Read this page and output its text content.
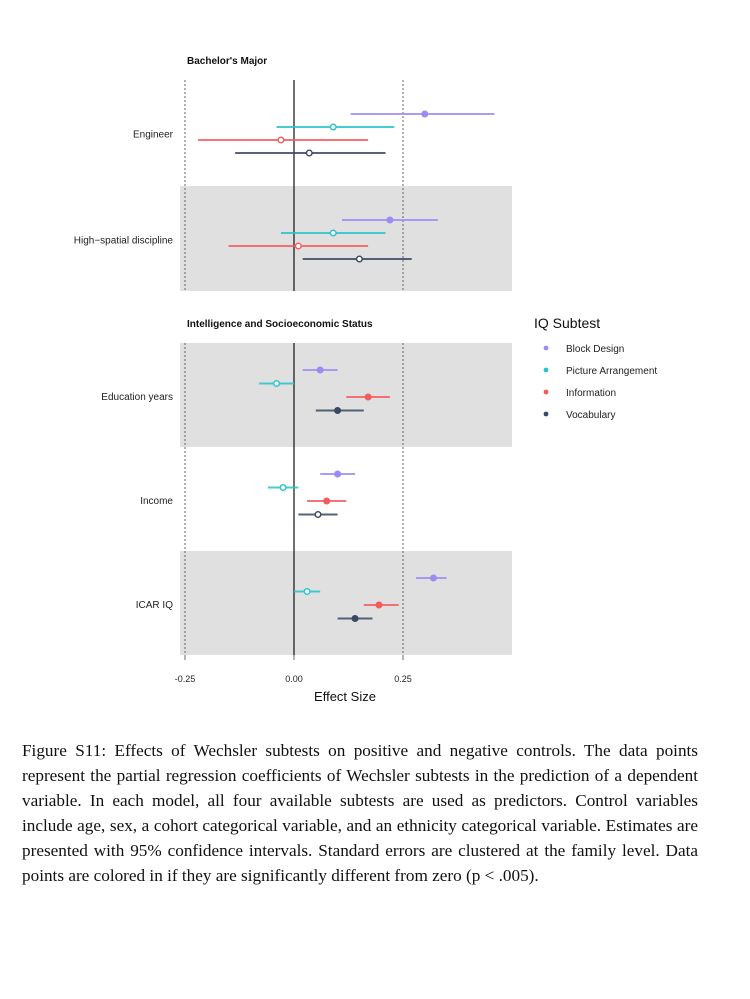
Bachelor's Major
Engineer
High−spatial discipline
Intelligence and Socioeconomic Status
Education years
Income
ICAR IQ
-0.25	0.00	0.25
Effect Size
IQ Subtest
Block Design
Picture Arrangement
Information
Vocabulary

Figure S11: Effects of Wechsler subtests on positive and negative controls. The data points represent the partial regression coefficients of Wechsler subtests in the prediction of a dependent variable. In each model, all four available subtests are used as predictors. Control variables include age, sex, a cohort categorical variable, and an ethnicity categorical variable. Estimates are presented with 95% confidence intervals. Standard errors are clustered at the family level. Data points are colored in if they are significantly different from zero (p < .005).
